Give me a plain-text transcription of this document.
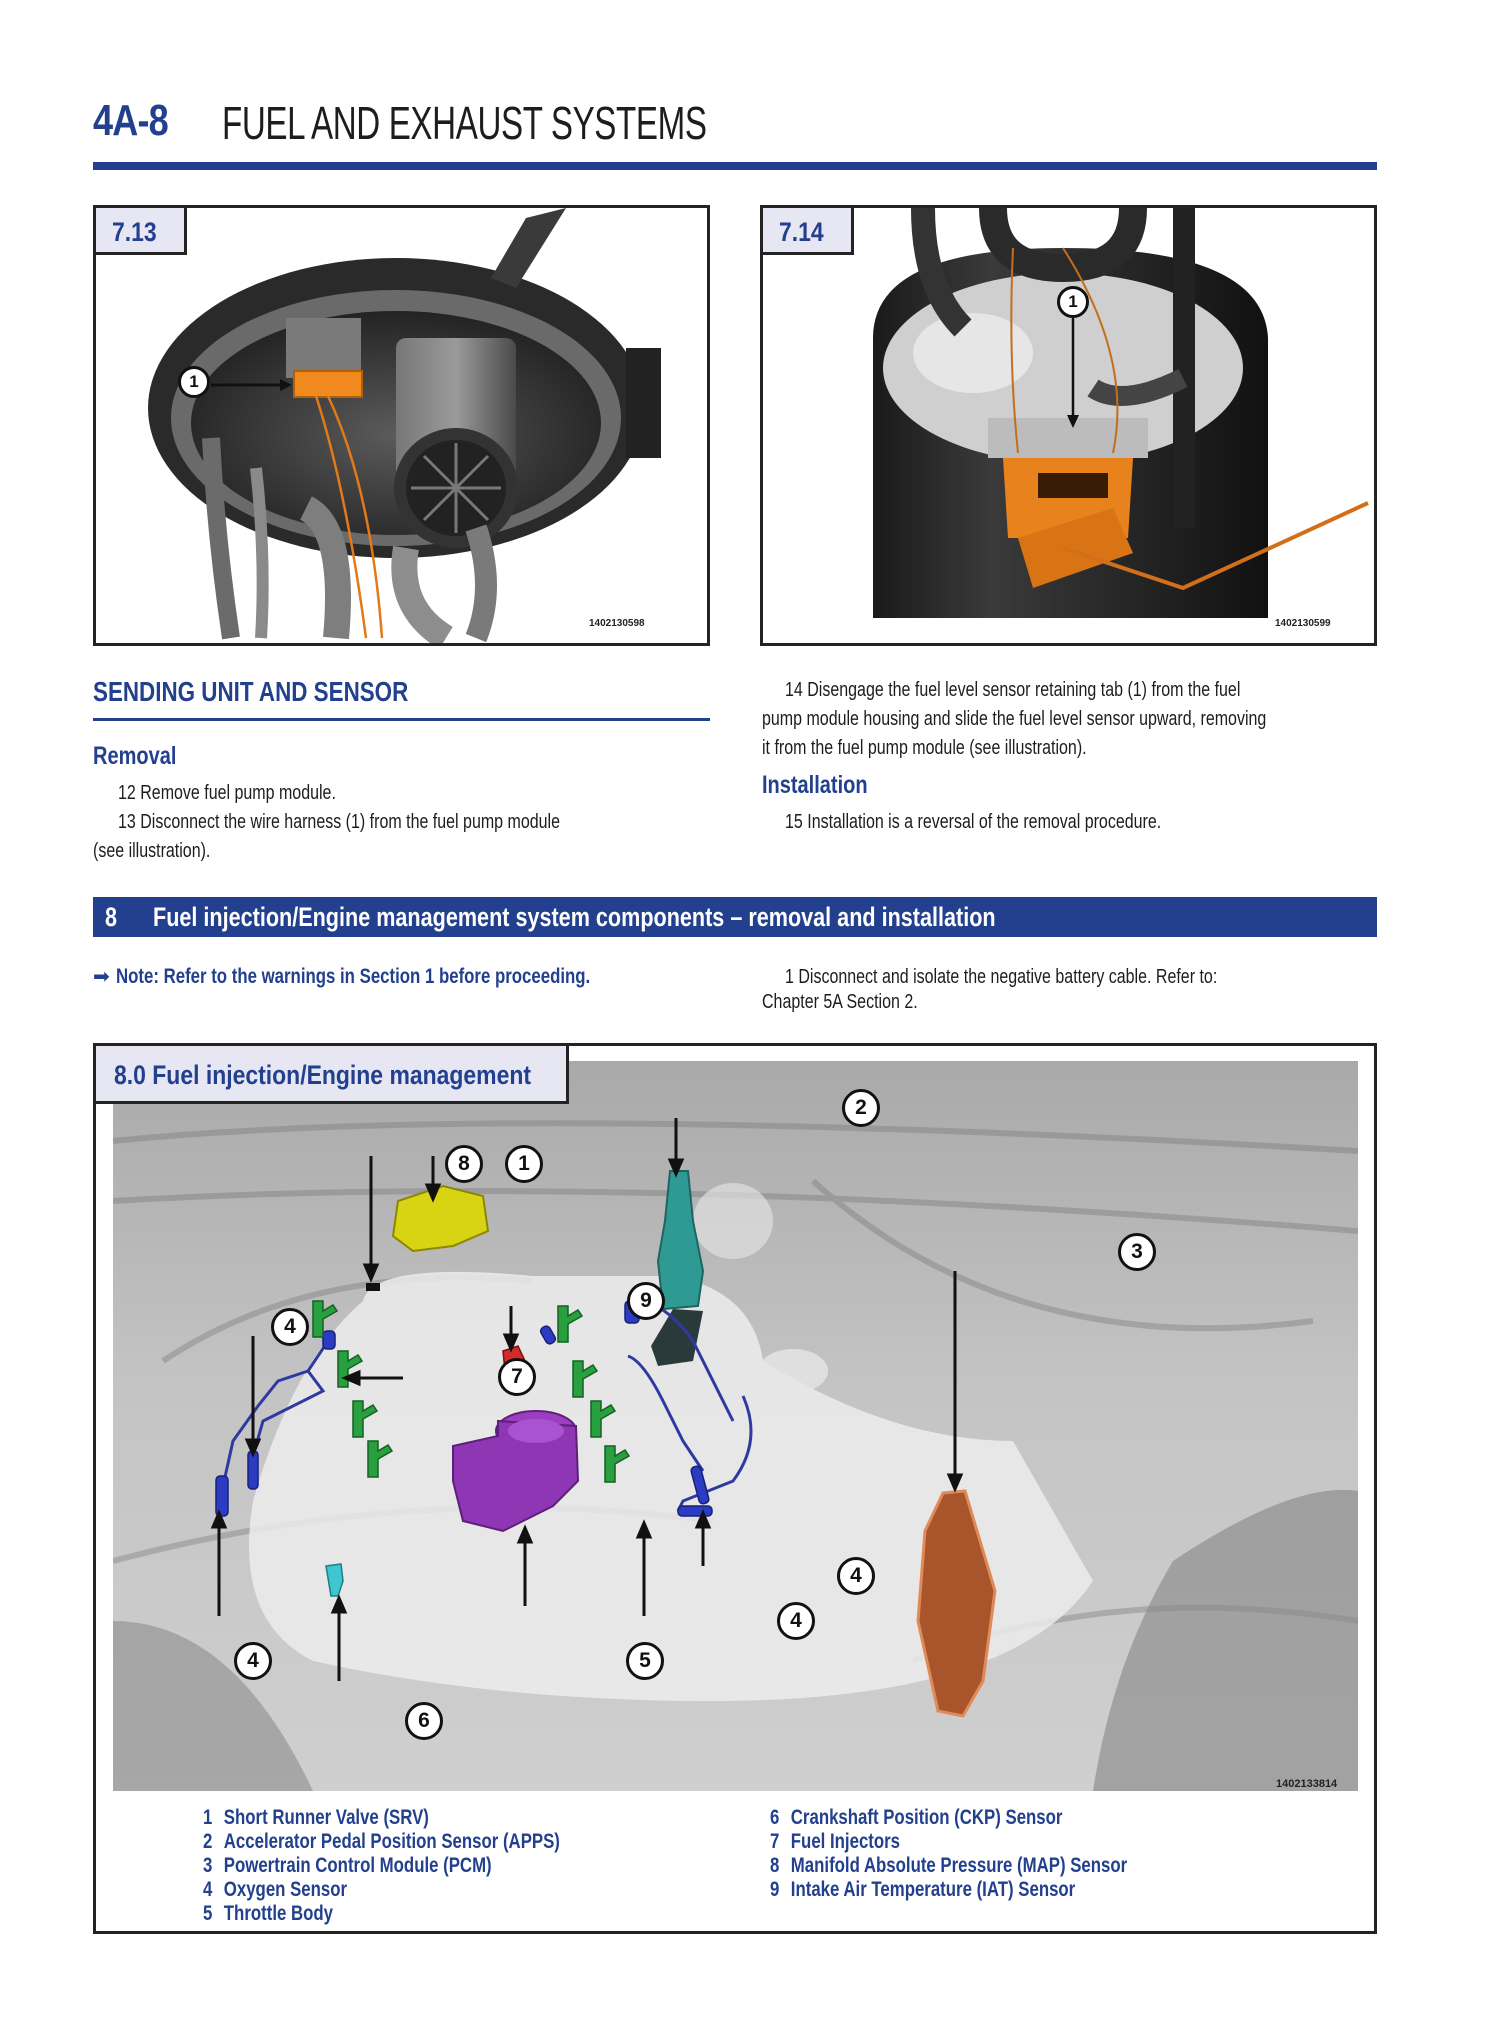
4A-8 FUEL AND EXHAUST SYSTEMS
7.13
1
1402130598
7.14
1
1402130599
SENDING UNIT AND SENSOR
Removal
12 Remove fuel pump module.
13 Disconnect the wire harness (1) from the fuel pump module
(see illustration).
14 Disengage the fuel level sensor retaining tab (1) from the fuel
pump module housing and slide the fuel level sensor upward, removing
it from the fuel pump module (see illustration).
Installation
15 Installation is a reversal of the removal procedure.
8 Fuel injection/Engine management system components – removal and installation
➡ Note: Refer to the warnings in Section 1 before proceeding.	1 Disconnect and isolate the negative battery cable. Refer to:
Chapter 5A Section 2.
8.0 Fuel injection/Engine management
8	1
2
3
9
4
7
4
4
5
4
6
1402133814
1 Short Runner Valve (SRV)
2 Accelerator Pedal Position Sensor (APPS)
3 Powertrain Control Module (PCM)
4 Oxygen Sensor
5 Throttle Body
6 Crankshaft Position (CKP) Sensor
7 Fuel Injectors
8 Manifold Absolute Pressure (MAP) Sensor
9 Intake Air Temperature (IAT) Sensor
